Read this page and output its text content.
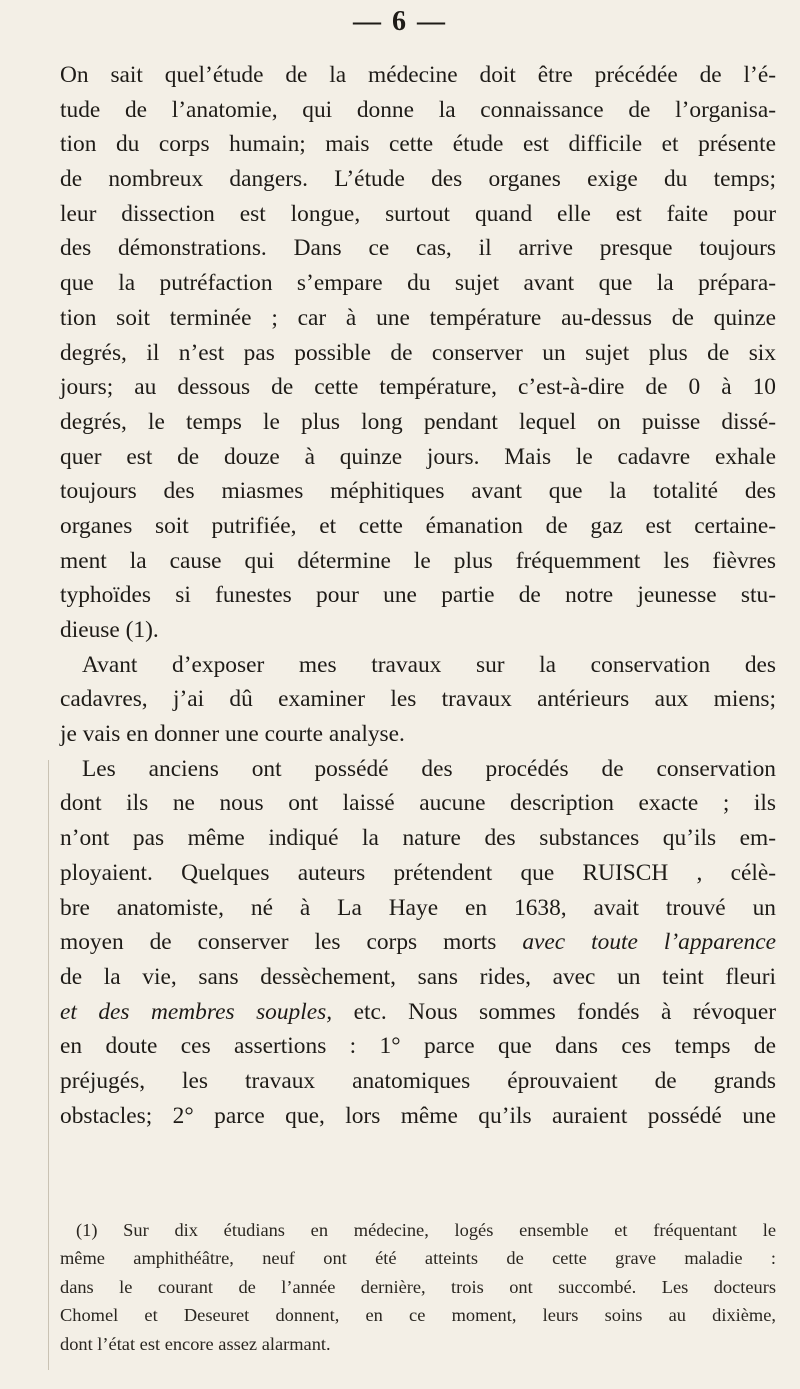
— 6 —
On sait quel’étude de la médecine doit être précédée de l’é-
tude de l’anatomie, qui donne la connaissance de l’organisa-
tion du corps humain; mais cette étude est difficile et présente
de nombreux dangers. L’étude des organes exige du temps;
leur dissection est longue, surtout quand elle est faite pour
des démonstrations. Dans ce cas, il arrive presque toujours
que la putréfaction s’empare du sujet avant que la prépara-
tion soit terminée ; car à une température au-dessus de quinze
degrés, il n’est pas possible de conserver un sujet plus de six
jours; au dessous de cette température, c’est-à-dire de 0 à 10
degrés, le temps le plus long pendant lequel on puisse dissé-
quer est de douze à quinze jours. Mais le cadavre exhale
toujours des miasmes méphitiques avant que la totalité des
organes soit putrifiée, et cette émanation de gaz est certaine-
ment la cause qui détermine le plus fréquemment les fièvres
typhoïdes si funestes pour une partie de notre jeunesse stu-
dieuse (1).
Avant d’exposer mes travaux sur la conservation des
cadavres, j’ai dû examiner les travaux antérieurs aux miens;
je vais en donner une courte analyse.
Les anciens ont possédé des procédés de conservation
dont ils ne nous ont laissé aucune description exacte ; ils
n’ont pas même indiqué la nature des substances qu’ils em-
ployaient. Quelques auteurs prétendent que RUISCH , célè-
bre anatomiste, né à La Haye en 1638, avait trouvé un
moyen de conserver les corps morts avec toute l’apparence
de la vie, sans dessèchement, sans rides, avec un teint fleuri
et des membres souples, etc. Nous sommes fondés à révoquer
en doute ces assertions : 1° parce que dans ces temps de
préjugés, les travaux anatomiques éprouvaient de grands
obstacles; 2° parce que, lors même qu’ils auraient possédé une
(1) Sur dix étudians en médecine, logés ensemble et fréquentant le
même amphithéâtre, neuf ont été atteints de cette grave maladie :
dans le courant de l’année dernière, trois ont succombé. Les docteurs
Chomel et Deseuret donnent, en ce moment, leurs soins au dixième,
dont l’état est encore assez alarmant.
